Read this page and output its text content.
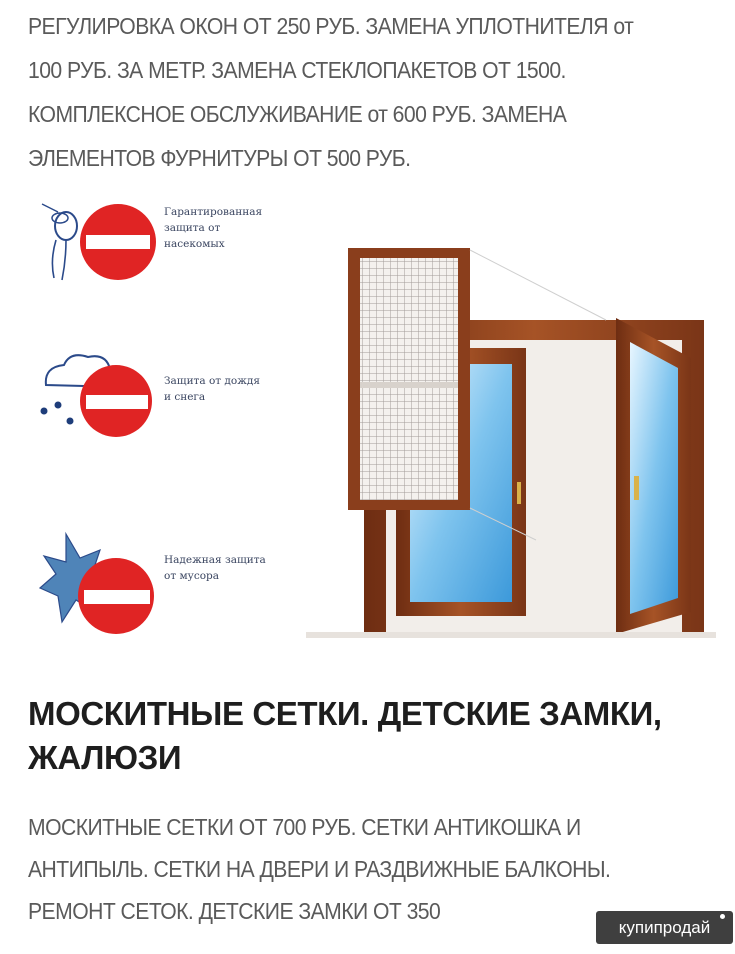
РЕГУЛИРОВКА ОКОН ОТ 250 РУБ. ЗАМЕНА УПЛОТНИТЕЛЯ от 100 РУБ. ЗА МЕТР. ЗАМЕНА СТЕКЛОПАКЕТОВ ОТ 1500. КОМПЛЕКСНОЕ ОБСЛУЖИВАНИЕ от 600 РУБ. ЗАМЕНА ЭЛЕМЕНТОВ ФУРНИТУРЫ ОТ 500 РУБ.
Гарантированная
защита от
насекомых
Защита от дождя
и снега
Надежная защита
от мусора
МОСКИТНЫЕ СЕТКИ. ДЕТСКИЕ ЗАМКИ, ЖАЛЮЗИ
МОСКИТНЫЕ СЕТКИ ОТ 700 РУБ. СЕТКИ АНТИКОШКА И АНТИПЫЛЬ. СЕТКИ НА ДВЕРИ И РАЗДВИЖНЫЕ БАЛКОНЫ. РЕМОНТ СЕТОК. ДЕТСКИЕ ЗАМКИ ОТ 350
купипродай
